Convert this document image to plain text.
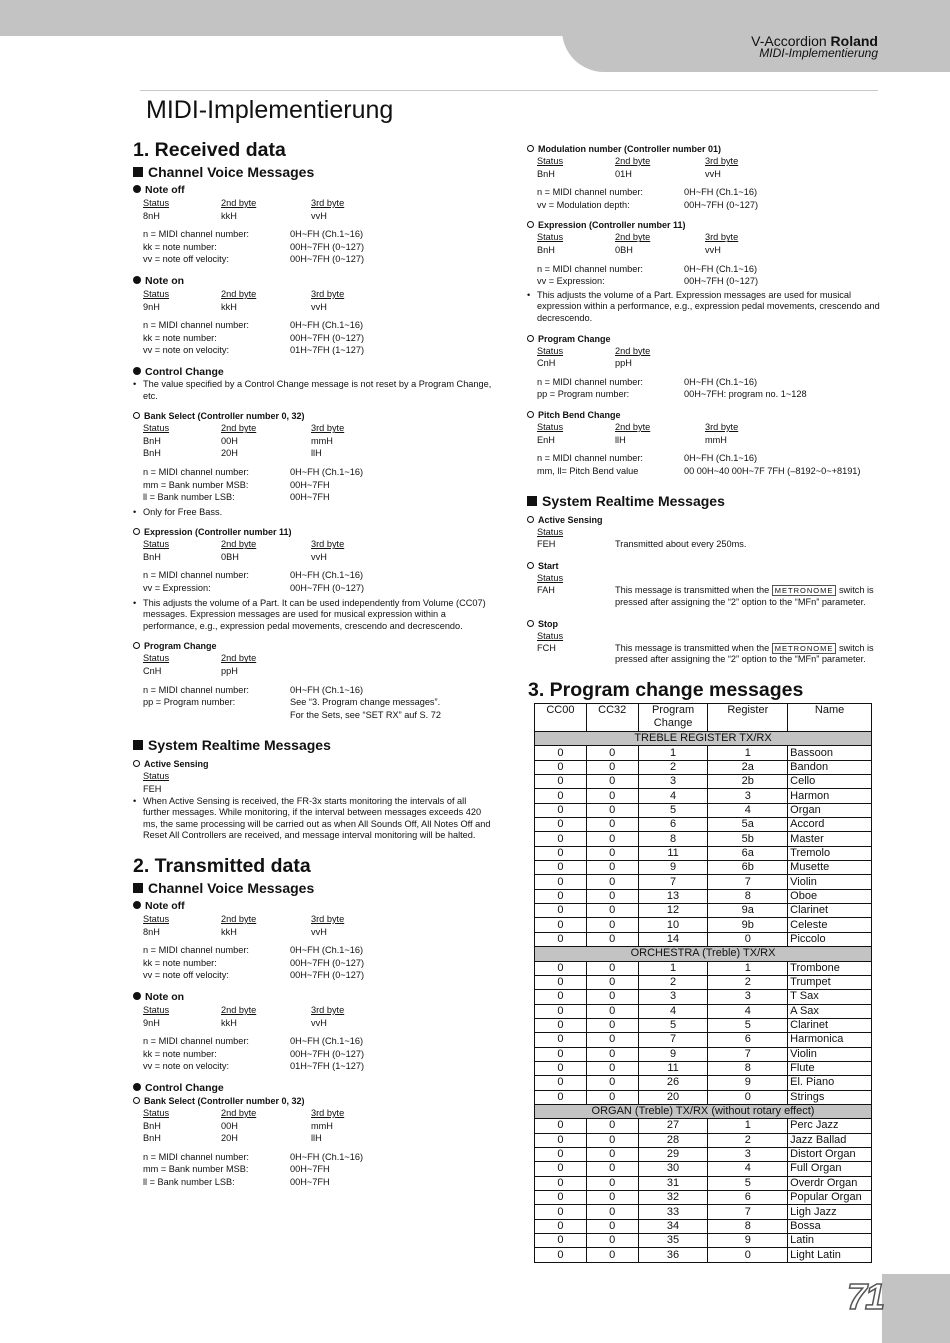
V-Accordion Roland
MIDI-Implementierung
MIDI-Implementierung
1. Received data
Channel Voice Messages
Note off
Status	2nd byte	3rd byte
8nH	kkH	vvH
n = MIDI channel number:	0H~FH (Ch.1~16)
kk = note number:	00H~7FH (0~127)
vv = note off velocity:	00H~7FH (0~127)
Note on
Status	2nd byte	3rd byte
9nH	kkH	vvH
n = MIDI channel number:	0H~FH (Ch.1~16)
kk = note number:	00H~7FH (0~127)
vv = note on velocity:	01H~7FH (1~127)
Control Change
• The value specified by a Control Change message is not reset by a Program Change, etc.
Bank Select (Controller number 0, 32)
Status	2nd byte	3rd byte
BnH	00H	mmH
BnH	20H	llH
n = MIDI channel number:	0H~FH (Ch.1~16)
mm = Bank number MSB:	00H~7FH
ll = Bank number LSB:	00H~7FH
• Only for Free Bass.
Expression (Controller number 11)
Status	2nd byte	3rd byte
BnH	0BH	vvH
n = MIDI channel number:	0H~FH (Ch.1~16)
vv = Expression:	00H~7FH (0~127)
• This adjusts the volume of a Part. It can be used independently from Volume (CC07) messages. Expression messages are used for musical expression within a performance, e.g., expression pedal movements, crescendo and decrescendo.
Program Change
Status	2nd byte
CnH	ppH
n = MIDI channel number:	0H~FH (Ch.1~16)
pp = Program number:	See “3. Program change messages”.
For the Sets, see “SET RX” auf S. 72
System Realtime Messages
Active Sensing
Status
FEH
• When Active Sensing is received, the FR-3x starts monitoring the intervals of all further messages. While monitoring, if the interval between messages exceeds 420 ms, the same processing will be carried out as when All Sounds Off, All Notes Off and Reset All Controllers are received, and message interval monitoring will be halted.
2. Transmitted data
Channel Voice Messages
Note off
Status	2nd byte	3rd byte
8nH	kkH	vvH
n = MIDI channel number:	0H~FH (Ch.1~16)
kk = note number:	00H~7FH (0~127)
vv = note off velocity:	00H~7FH (0~127)
Note on
Status	2nd byte	3rd byte
9nH	kkH	vvH
n = MIDI channel number:	0H~FH (Ch.1~16)
kk = note number:	00H~7FH (0~127)
vv = note on velocity:	01H~7FH (1~127)
Control Change
Bank Select (Controller number 0, 32)
Status	2nd byte	3rd byte
BnH	00H	mmH
BnH	20H	llH
n = MIDI channel number:	0H~FH (Ch.1~16)
mm = Bank number MSB:	00H~7FH
ll = Bank number LSB:	00H~7FH
Modulation number (Controller number 01)
Status	2nd byte	3rd byte
BnH	01H	vvH
n = MIDI channel number:	0H~FH (Ch.1~16)
vv = Modulation depth:	00H~7FH (0~127)
Expression (Controller number 11)
Status	2nd byte	3rd byte
BnH	0BH	vvH
n = MIDI channel number:	0H~FH (Ch.1~16)
vv = Expression:	00H~7FH (0~127)
• This adjusts the volume of a Part. Expression messages are used for musical expression within a performance, e.g., expression pedal movements, crescendo and decrescendo.
Program Change
Status	2nd byte
CnH	ppH
n = MIDI channel number:	0H~FH (Ch.1~16)
pp = Program number:	00H~7FH: program no. 1~128
Pitch Bend Change
Status	2nd byte	3rd byte
EnH	llH	mmH
n = MIDI channel number:	0H~FH (Ch.1~16)
mm, ll= Pitch Bend value	00 00H~40 00H~7F 7FH (–8192~0~+8191)
System Realtime Messages
Active Sensing
Status
FEH	Transmitted about every 250ms.
Start
Status
FAH	This message is transmitted when the METRONOME switch is pressed after assigning the “2” option to the “MFn” parameter.
Stop
Status
FCH	This message is transmitted when the METRONOME switch is pressed after assigning the “2” option to the “MFn” parameter.
3. Program change messages
CC00	CC32	Program Change	Register	Name
TREBLE REGISTER TX/RX				
0	0	1	1	Bassoon
0	0	2	2a	Bandon
0	0	3	2b	Cello
0	0	4	3	Harmon
0	0	5	4	Organ
0	0	6	5a	Accord
0	0	8	5b	Master
0	0	11	6a	Tremolo
0	0	9	6b	Musette
0	0	7	7	Violin
0	0	13	8	Oboe
0	0	12	9a	Clarinet
0	0	10	9b	Celeste
0	0	14	0	Piccolo
ORCHESTRA (Treble) TX/RX				
0	0	1	1	Trombone
0	0	2	2	Trumpet
0	0	3	3	T Sax
0	0	4	4	A Sax
0	0	5	5	Clarinet
0	0	7	6	Harmonica
0	0	9	7	Violin
0	0	11	8	Flute
0	0	26	9	El. Piano
0	0	20	0	Strings
ORGAN (Treble) TX/RX (without rotary effect)				
0	0	27	1	Perc Jazz
0	0	28	2	Jazz Ballad
0	0	29	3	Distort Organ
0	0	30	4	Full Organ
0	0	31	5	Overdr Organ
0	0	32	6	Popular Organ
0	0	33	7	Ligh Jazz
0	0	34	8	Bossa
0	0	35	9	Latin
0	0	36	0	Light Latin
71
